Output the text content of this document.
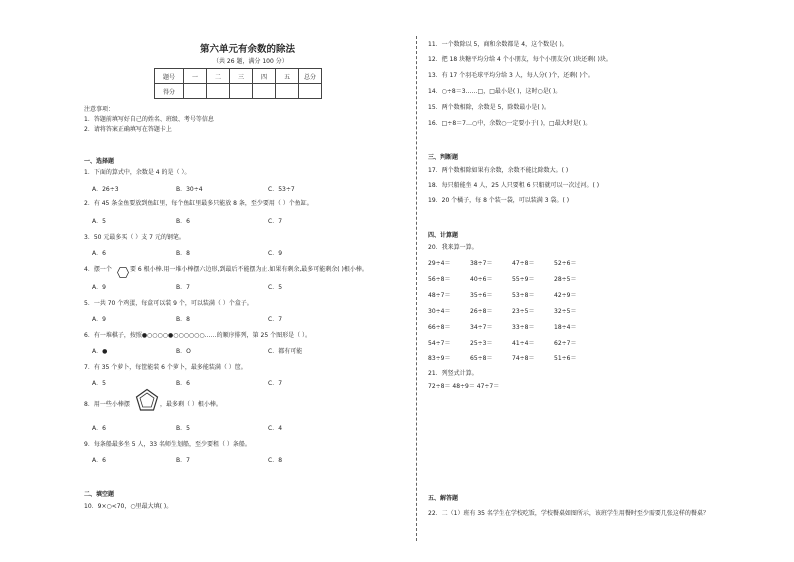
第六单元有余数的除法
（共 26 题，满分 100 分）
题号	一	二	三	四	五	总分
得分						
注意事项：
1．答题前填写好自己的姓名、班级、考号等信息
2．请将答案正确填写在答题卡上
一、选择题
1．下面的算式中，余数是 4 的是（ ）。
A．26÷3	B．30÷4	C．53÷7
2．有 45 条金鱼要放到鱼缸里，每个鱼缸里最多只能放 8 条，至少要用（ ）个鱼缸。
A．5	B．6	C．7
3．50 元最多买（ ）支 7 元的钢笔。
A．6	B．8	C．9
4．摆一个	要 6 根小棒.用一堆小棒摆六边形,到最后不能摆为止.如果有剩余,最多可能剩余( )根小棒。
A．9	B．7	C．5
5．一共 70 个鸡蛋，每盒可以装 9 个，可以装满（ ）个盒子。
A．9	B．8	C．7
6．有一堆棋子，按照●○○○○●○○○○○○……的顺序排列，第 25 个图形是（ ）。
A．●	B．O	C．都有可能
7．有 35 个萝卜，每筐能装 6 个萝卜，最多能装满（ ）筐。
A．5	B．6	C．7
8．用一些小棒摆	，最多剩（ ）根小棒。
A．6	B．5	C．4
9．每条船最多坐 5 人，33 名师生划船，至少要租（ ）条船。
A．6	B．7	C．8
二、填空题
10．9×○<70，○里最大填( )。
11．一个数除以 5，商和余数都是 4，这个数是( )。
12．把 18 块糖平均分给 4 个小朋友，每个小朋友分( )块还剩( )块。
13．有 17 个羽毛球平均分给 3 人，每人分( )个，还剩( )个。
14．○÷8＝3……□，□最小是( )，这时○是( )。
15．两个数相除，余数是 5，除数最小是( )。
16．□÷8＝7…○中，余数○一定要小于( )，□最大时是( )。
三、判断题
17．两个数相除如果有余数，余数不能比除数大。( )
18．每只船能坐 4 人，25 人只要租 6 只船就可以一次过河。( )
19．20 个橘子，每 8 个装一袋，可以装满 3 袋。( )
四、计算题
20．我来算一算。
29÷4＝	38÷7＝	47÷8＝	52÷6＝
56÷8＝	40÷6＝	55÷9＝	28÷5＝
48÷7＝	35÷6＝	53÷8＝	42÷9＝
30÷4＝	26÷8＝	23÷5＝	32÷5＝
66÷8＝	34÷7＝	33÷8＝	18÷4＝
54÷7＝	25÷3＝	41÷4＝	62÷7＝
83÷9＝	65÷8＝	74÷8＝	51÷6＝
21．列竖式计算。
72÷8＝ 48÷9＝ 47÷7＝
五、解答题
22．二（1）班有 35 名学生在学校吃饭，学校餐桌如图所示，该班学生用餐时至少需要几张这样的餐桌？
